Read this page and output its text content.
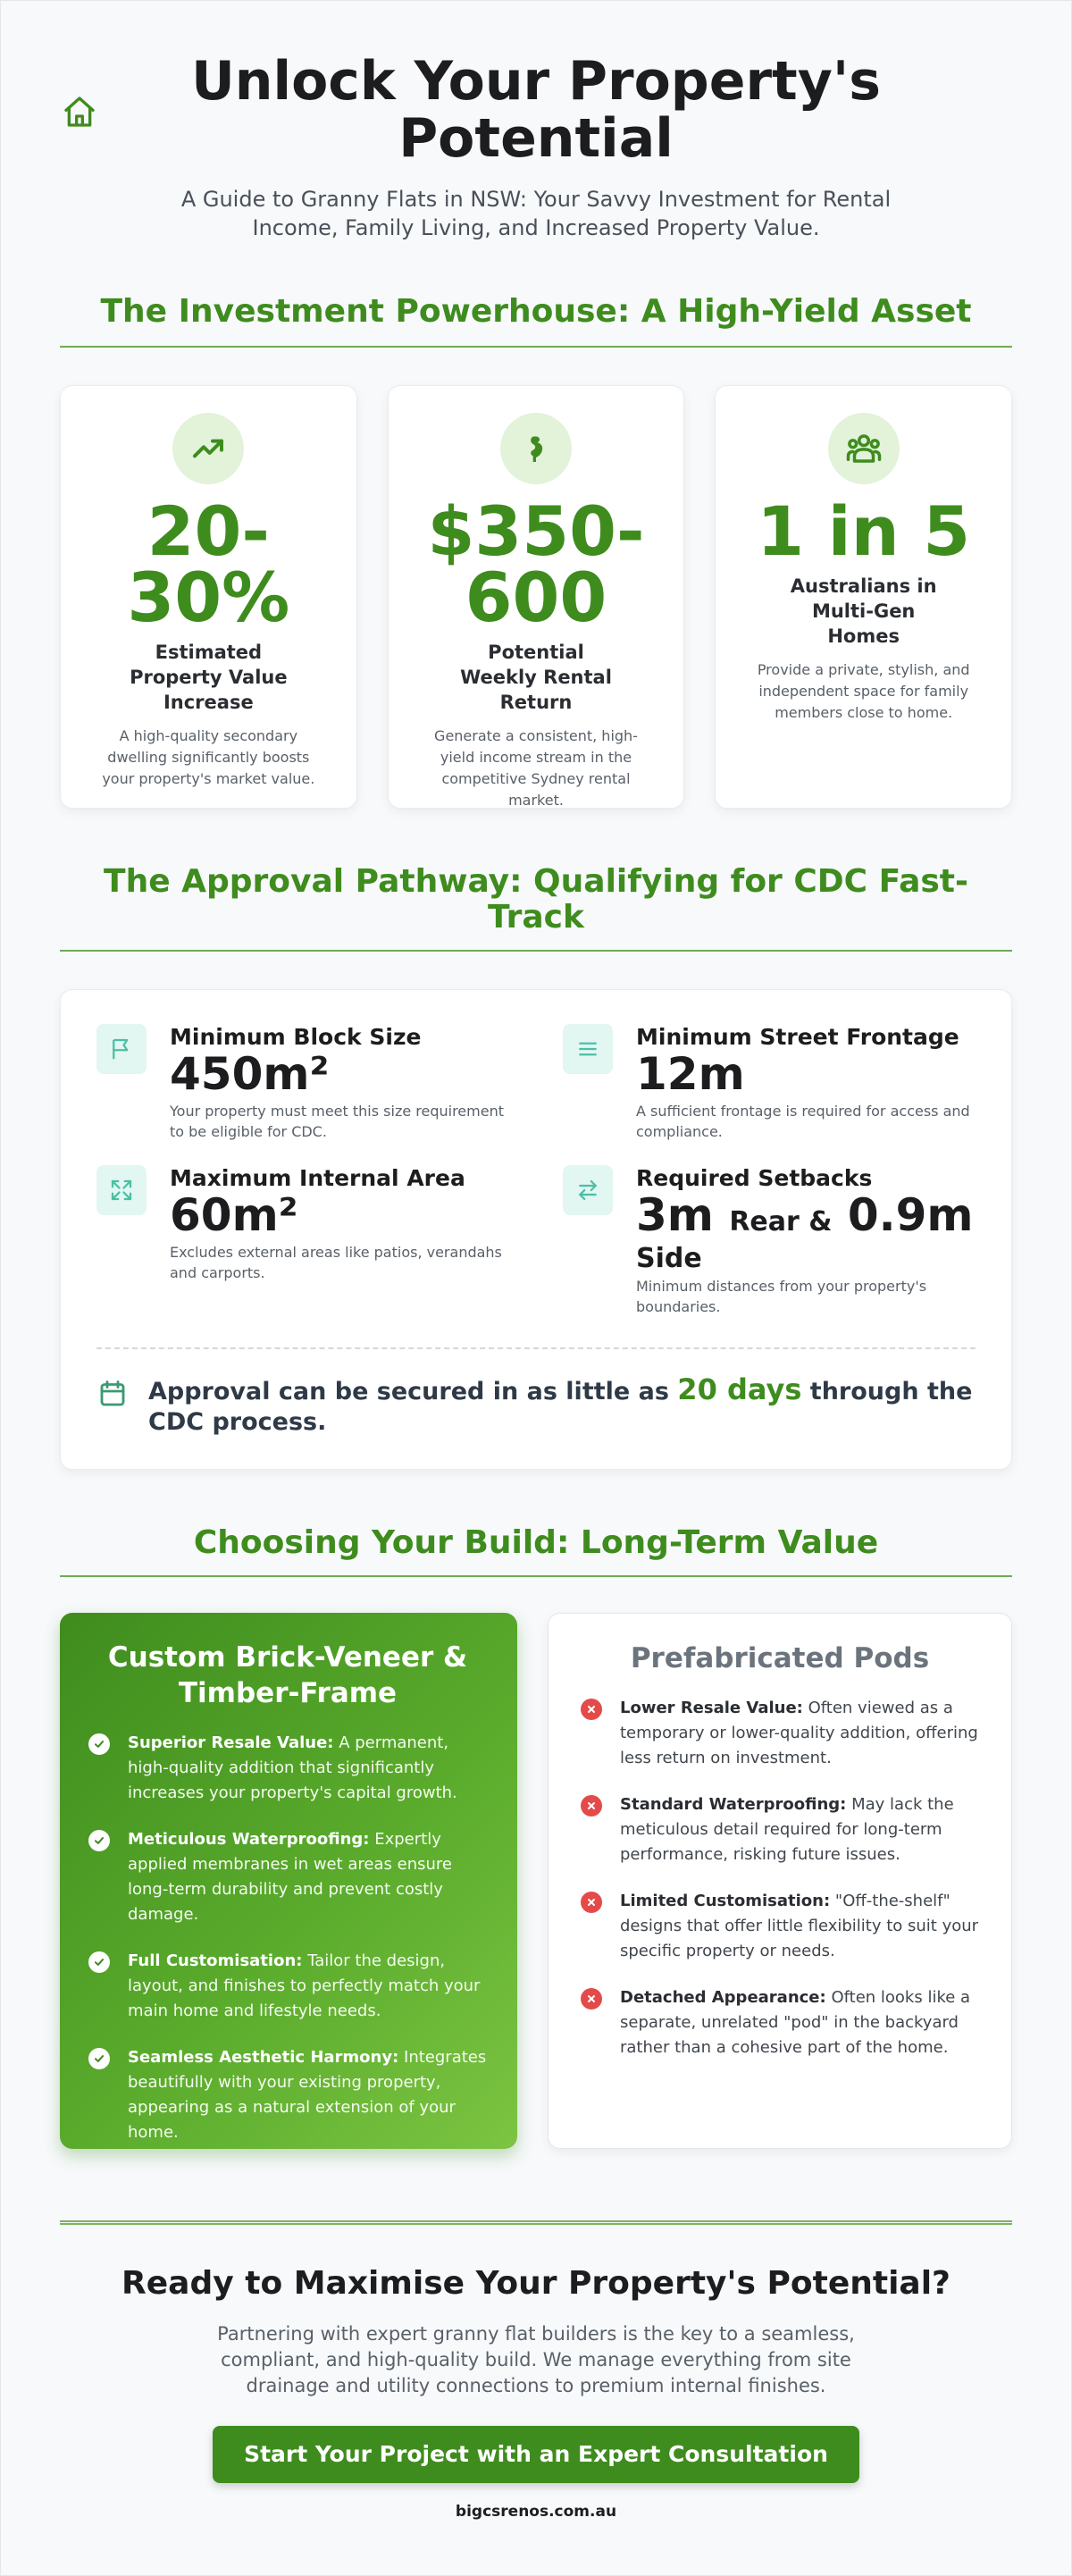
Unlock Your Property's Potential

A Guide to Granny Flats in NSW: Your Savvy Investment for Rental Income, Family Living, and Increased Property Value.

The Investment Powerhouse: A High-Yield Asset
20-30%
Estimated Property Value Increase
A high-quality secondary dwelling significantly boosts your property's market value.
$350-600
Potential Weekly Rental Return
Generate a consistent, high-yield income stream in the competitive Sydney rental market.
1 in 5
Australians in Multi-Gen Homes
Provide a private, stylish, and independent space for family members close to home.
The Approval Pathway: Qualifying for CDC Fast-Track
Minimum Block Size
450m²
Your property must meet this size requirement to be eligible for CDC.
Minimum Street Frontage
12m
A sufficient frontage is required for access and compliance.
Maximum Internal Area
60m²
Excludes external areas like patios, verandahs and carports.
Required Setbacks
3m Rear & 0.9m
Side
Minimum distances from your property's boundaries.
Approval can be secured in as little as 20 days through the CDC process.
Choosing Your Build: Long-Term Value
Custom Brick-Veneer & Timber-Frame
Superior Resale Value: A permanent, high-quality addition that significantly increases your property's capital growth.
Meticulous Waterproofing: Expertly applied membranes in wet areas ensure long-term durability and prevent costly damage.
Full Customisation: Tailor the design, layout, and finishes to perfectly match your main home and lifestyle needs.
Seamless Aesthetic Harmony: Integrates beautifully with your existing property, appearing as a natural extension of your home.
Prefabricated Pods
Lower Resale Value: Often viewed as a temporary or lower-quality addition, offering less return on investment.
Standard Waterproofing: May lack the meticulous detail required for long-term performance, risking future issues.
Limited Customisation: "Off-the-shelf" designs that offer little flexibility to suit your specific property or needs.
Detached Appearance: Often looks like a separate, unrelated "pod" in the backyard rather than a cohesive part of the home.
Ready to Maximise Your Property's Potential?

Partnering with expert granny flat builders is the key to a seamless, compliant, and high-quality build. We manage everything from site drainage and utility connections to premium internal finishes.

Start Your Project with an Expert Consultation
bigcsrenos.com.au
